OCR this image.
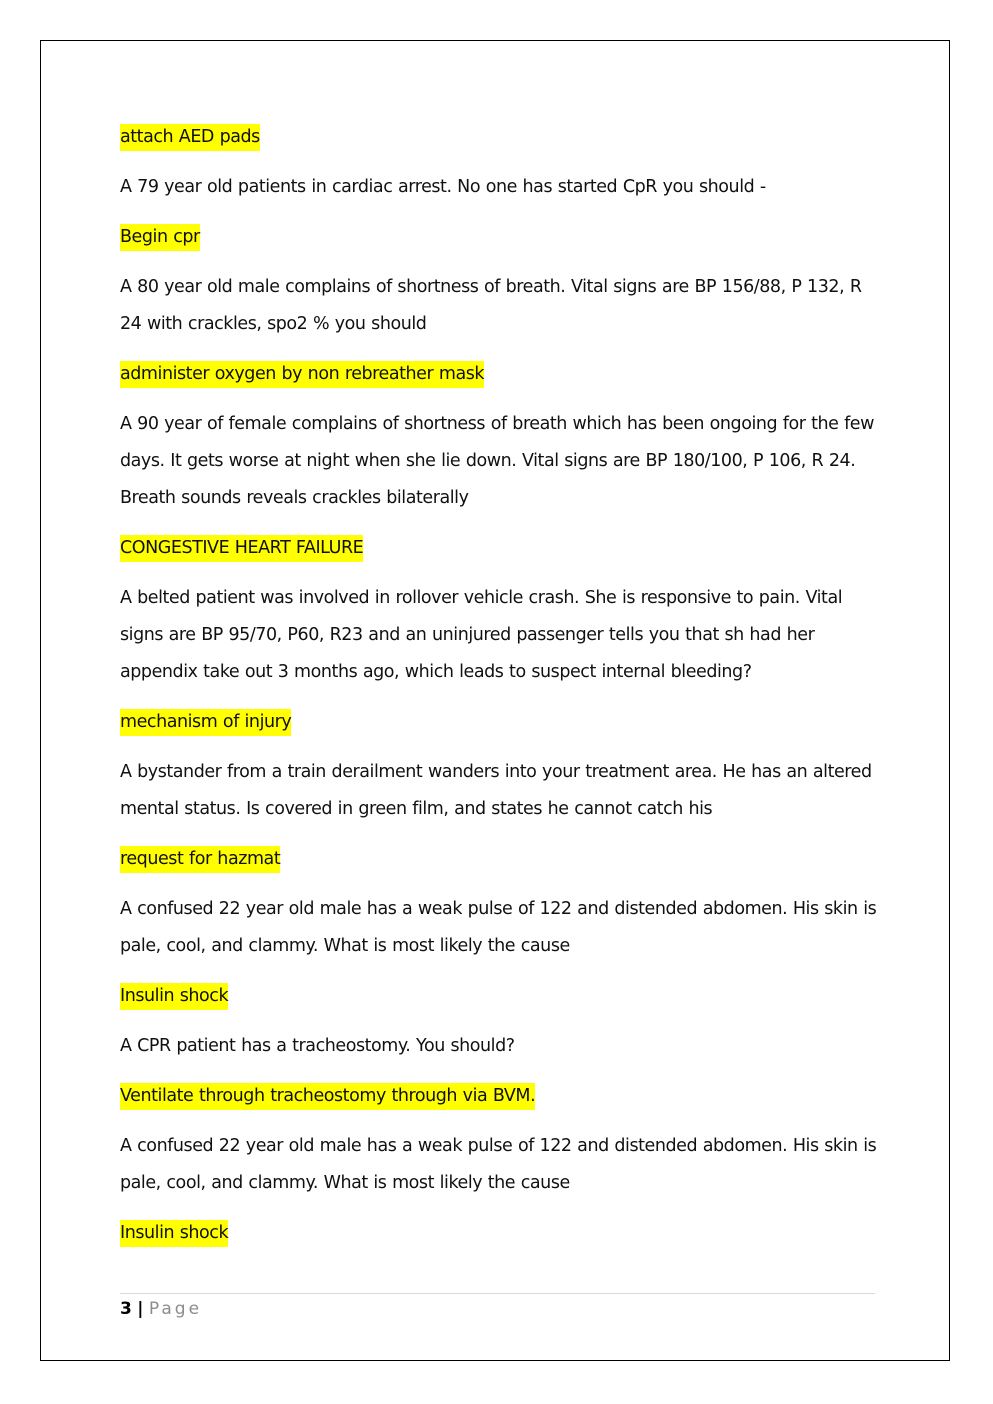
attach AED pads

A 79 year old patients in cardiac arrest. No one has started CpR you should -

Begin cpr

A 80 year old male complains of shortness of breath. Vital signs are BP 156/88, P 132, R 24 with crackles, spo2 % you should

administer oxygen by non rebreather mask

A 90 year of female complains of shortness of breath which has been ongoing for the few days. It gets worse at night when she lie down. Vital signs are BP 180/100, P 106, R 24. Breath sounds reveals crackles bilaterally

CONGESTIVE HEART FAILURE

A belted patient was involved in rollover vehicle crash. She is responsive to pain. Vital signs are BP 95/70, P60, R23 and an uninjured passenger tells you that sh had her appendix take out 3 months ago, which leads to suspect internal bleeding?

mechanism of injury

A bystander from a train derailment wanders into your treatment area. He has an altered mental status. Is covered in green film, and states he cannot catch his

request for hazmat

A confused 22 year old male has a weak pulse of 122 and distended abdomen. His skin is pale, cool, and clammy. What is most likely the cause

Insulin shock

A CPR patient has a tracheostomy. You should?

Ventilate through tracheostomy through via BVM.

A confused 22 year old male has a weak pulse of 122 and distended abdomen. His skin is pale, cool, and clammy. What is most likely the cause

Insulin shock

3 | Page
